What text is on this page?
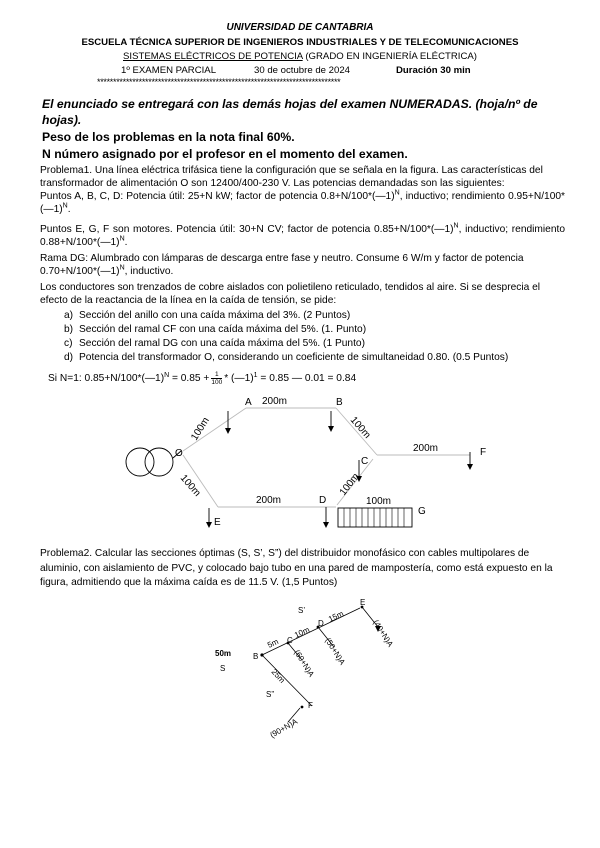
UNIVERSIDAD DE CANTABRIA
ESCUELA TÉCNICA SUPERIOR DE INGENIEROS INDUSTRIALES Y DE TELECOMUNICACIONES
SISTEMAS ELÉCTRICOS DE POTENCIA (GRADO EN INGENIERÍA ELÉCTRICA)
1º EXAMEN PARCIAL	30 de octubre de 2024	Duración 30 min
****************************************************************************
El enunciado se entregará con las demás hojas del examen NUMERADAS. (hoja/nº de hojas).
Peso de los problemas en la nota final 60%.
N número asignado por el profesor en el momento del examen.
Problema1. Una línea eléctrica trifásica tiene la configuración que se señala en la figura. Las características del transformador de alimentación O son 12400/400-230 V. Las potencias demandadas son las siguientes:
Puntos A, B, C, D: Potencia útil: 25+N kW; factor de potencia 0.8+N/100*(—1)$^N$, inductivo; rendimiento 0.95+N/100*(—1)$^N$.
Puntos E, G, F son motores. Potencia útil: 30+N CV; factor de potencia 0.85+N/100*(—1)$^N$, inductivo; rendimiento 0.88+N/100*(—1)$^N$.
Rama DG: Alumbrado con lámparas de descarga entre fase y neutro. Consume 6 W/m y factor de potencia 0.70+N/100*(—1)$^N$, inductivo.
Los conductores son trenzados de cobre aislados con polietileno reticulado, tendidos al aire. Si se desprecia el efecto de la reactancia de la línea en la caída de tensión, se pide:
a) Sección del anillo con una caída máxima del 3%. (2 Puntos)
b) Sección del ramal CF con una caída máxima del 5%. (1. Punto)
c) Sección del ramal DG con una caída máxima del 5%. (1 Punto)
d) Potencia del transformador O, considerando un coeficiente de simultaneidad 0.80. (0.5 Puntos)
Si N=1: 0.85+N/100*(—1)$^N$ = $0.85 + \frac{1}{100}$ * (—1)$^1$ = 0.85 — 0.01 = 0.84
O
A	B
C
D
E
F
G
200m
200m
200m	100m
100m	100m
100m	100m
Problema2. Calcular las secciones óptimas (S, S’, S”) del distribuidor monofásico con cables multipolares de aluminio, con aislamiento de PVC, y colocado bajo tubo en una pared de mampostería, como está expuesto en la figura, admitiendo que la máxima caída es de 11.5 V. (1,5 Puntos)
S’
S”
50m
S
B
C
D
E
F
5m
10m
15m
25m
(40+N)A
(50+N)A
(60+N)A
(90+N)A
